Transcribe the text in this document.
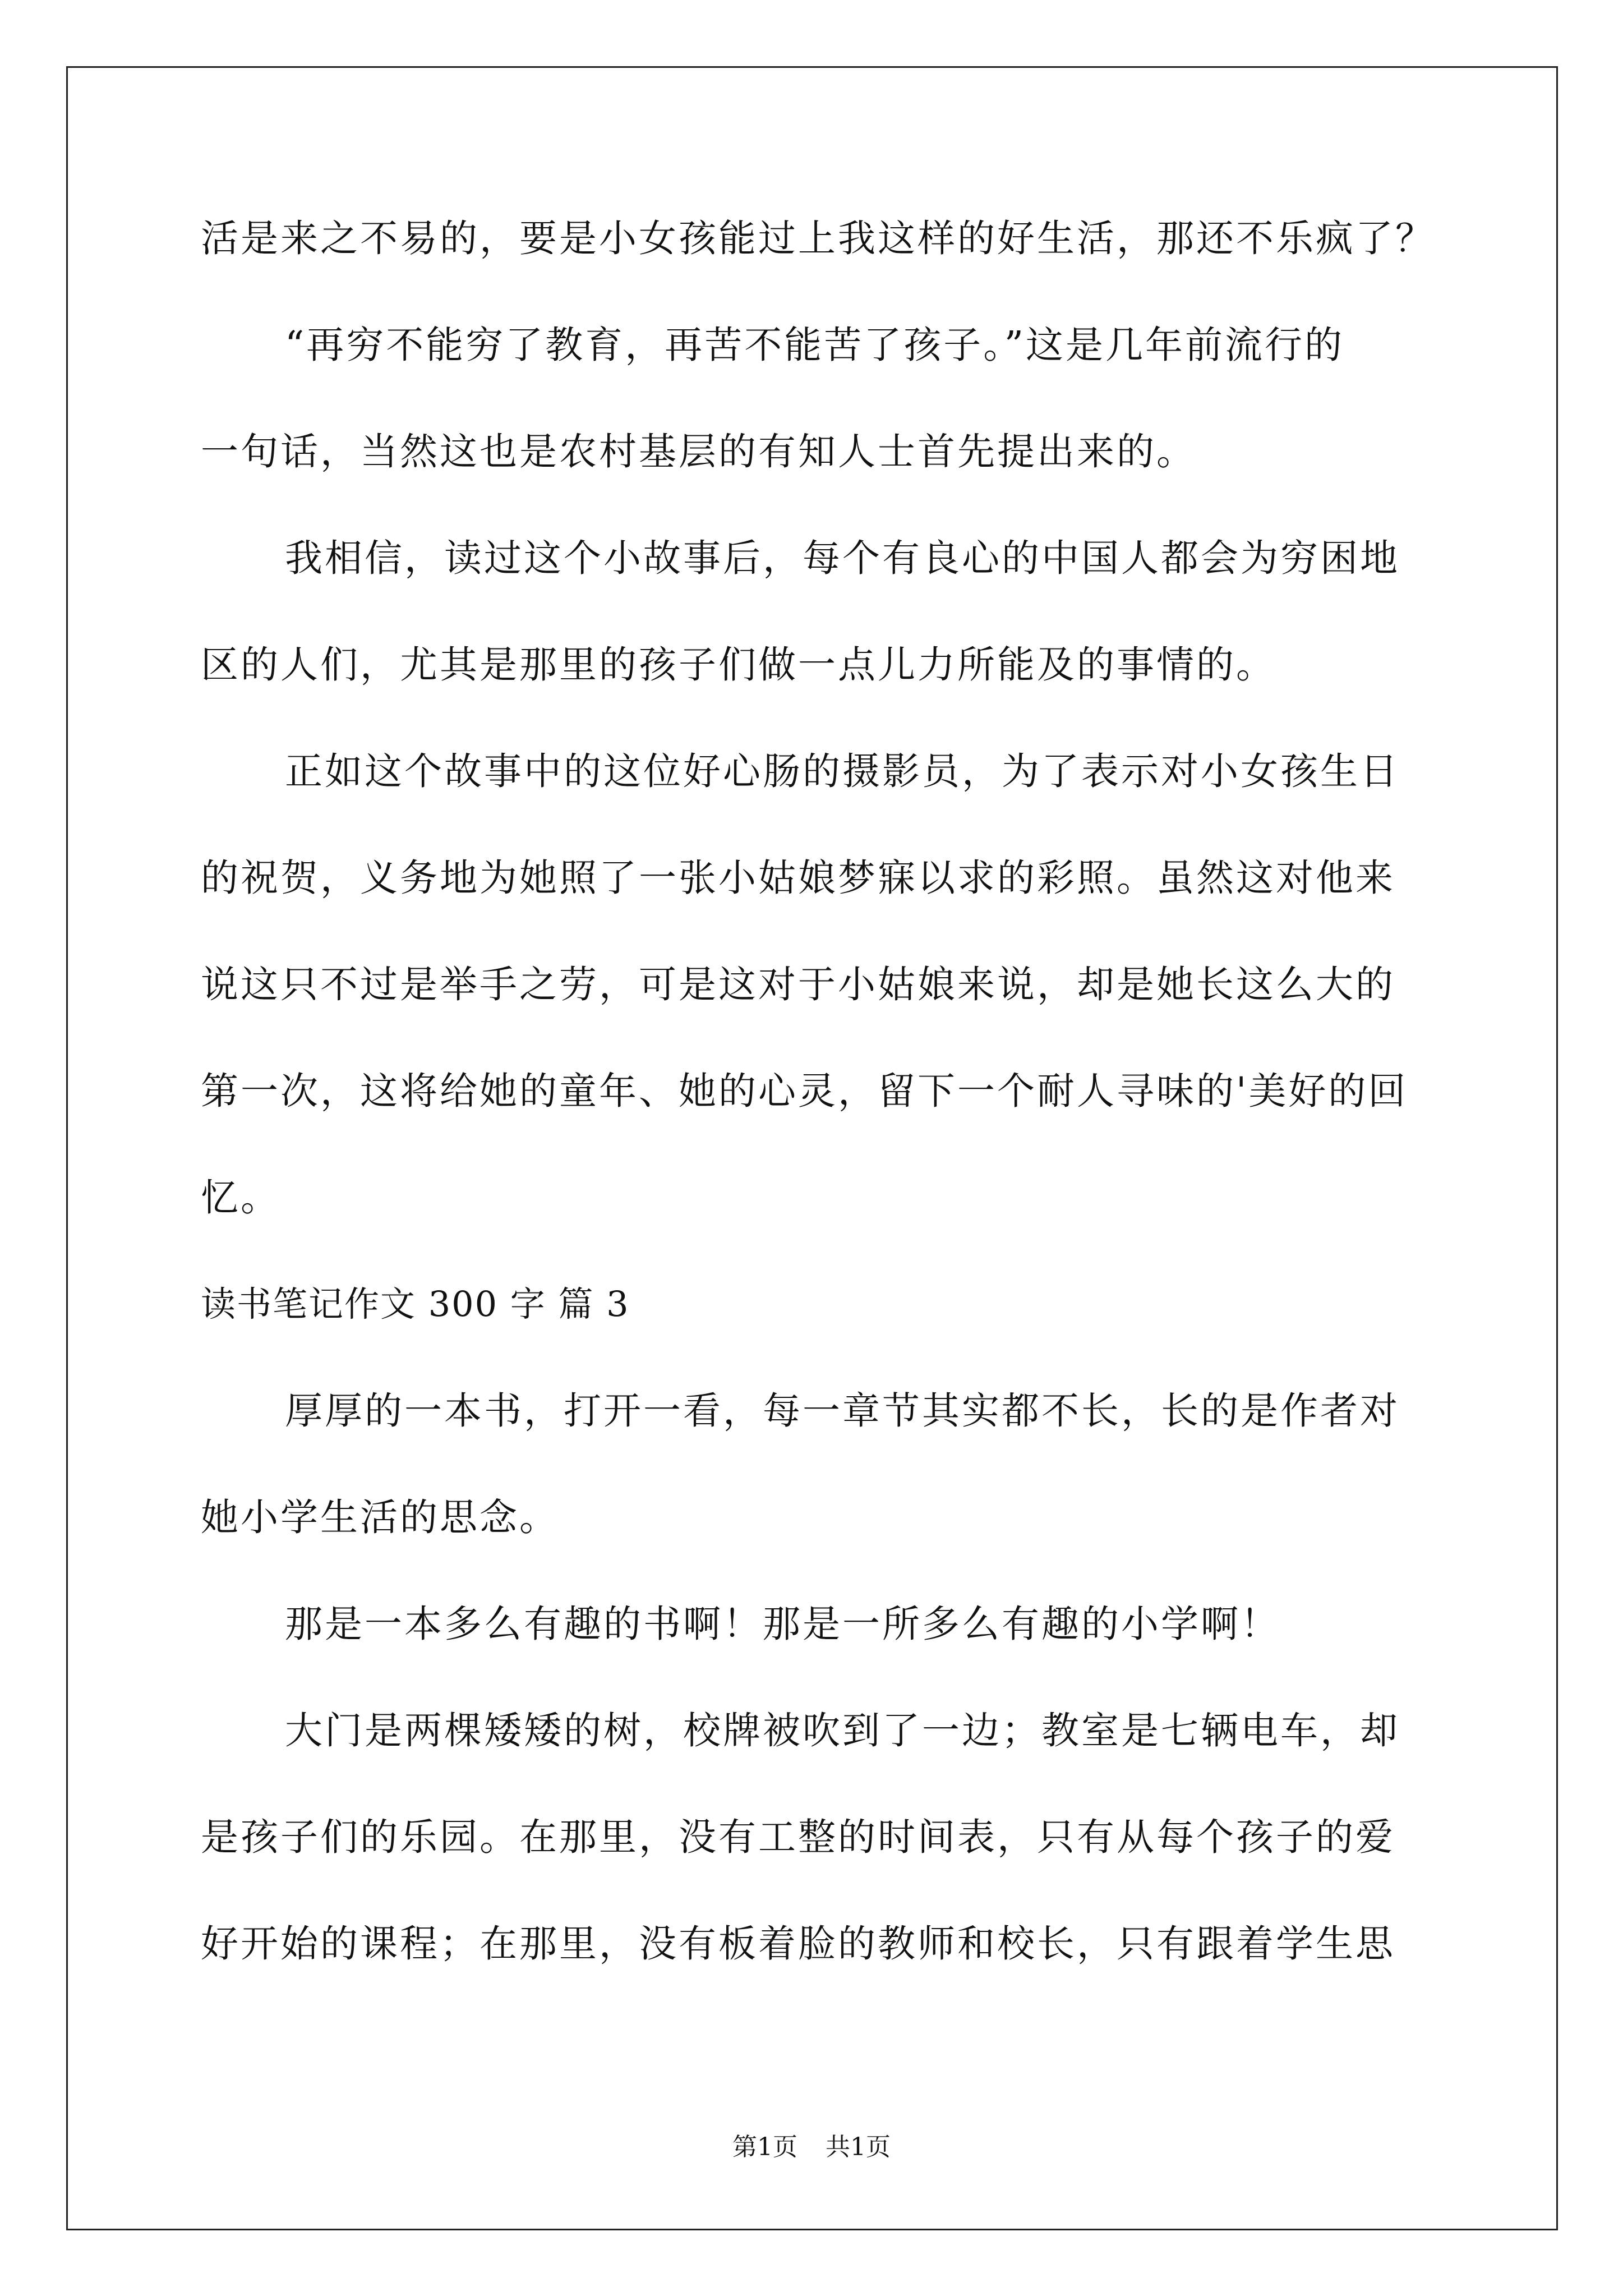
活是来之不易的，要是小女孩能过上我这样的好生活，那还不乐疯了？
“再穷不能穷了教育，再苦不能苦了孩子。”这是几年前流行的
一句话，当然这也是农村基层的有知人士首先提出来的。
我相信，读过这个小故事后，每个有良心的中国人都会为穷困地
区的人们，尤其是那里的孩子们做一点儿力所能及的事情的。
正如这个故事中的这位好心肠的摄影员，为了表示对小女孩生日
的祝贺，义务地为她照了一张小姑娘梦寐以求的彩照。虽然这对他来
说这只不过是举手之劳，可是这对于小姑娘来说，却是她长这么大的
第一次，这将给她的童年、她的心灵，留下一个耐人寻味的'美好的回
忆。
读书笔记作文 300 字 篇 3
厚厚的一本书，打开一看，每一章节其实都不长，长的是作者对
她小学生活的思念。
那是一本多么有趣的书啊！那是一所多么有趣的小学啊！
大门是两棵矮矮的树，校牌被吹到了一边；教室是七辆电车，却
是孩子们的乐园。在那里，没有工整的时间表，只有从每个孩子的爱
好开始的课程；在那里，没有板着脸的教师和校长，只有跟着学生思
第1页 共1页
